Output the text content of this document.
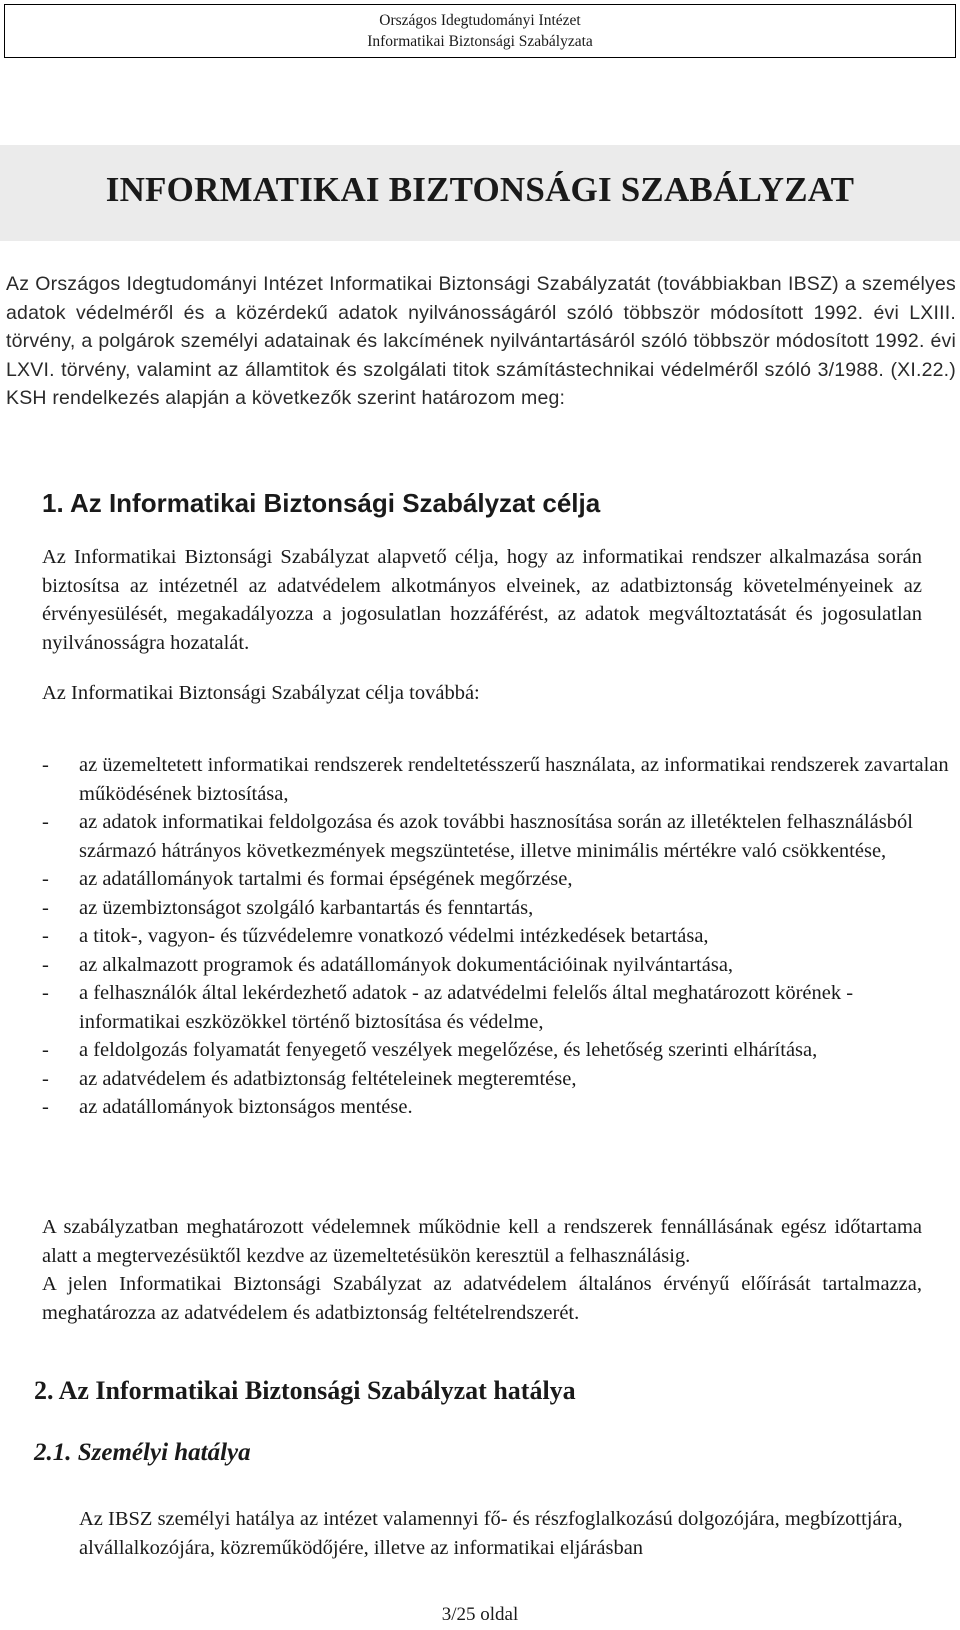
Országos Idegtudományi Intézet
Informatikai Biztonsági Szabályzata
INFORMATIKAI BIZTONSÁGI SZABÁLYZAT

Az Országos Idegtudományi Intézet Informatikai Biztonsági Szabályzatát (továbbiakban IBSZ) a személyes adatok védelméről és a közérdekű adatok nyilvánosságáról szóló többször módosított 1992. évi LXIII. törvény, a polgárok személyi adatainak és lakcímének nyilvántartásáról szóló többször módosított 1992. évi LXVI. törvény, valamint az államtitok és szolgálati titok számítástechnikai védelméről szóló 3/1988. (XI.22.) KSH rendelkezés alapján a következők szerint határozom meg:

1. Az Informatikai Biztonsági Szabályzat célja

Az Informatikai Biztonsági Szabályzat alapvető célja, hogy az informatikai rendszer alkalmazása során biztosítsa az intézetnél az adatvédelem alkotmányos elveinek, az adatbiztonság követelményeinek az érvényesülését, megakadályozza a jogosulatlan hozzáférést, az adatok megváltoztatását és jogosulatlan nyilvánosságra hozatalát.

Az Informatikai Biztonsági Szabályzat célja továbbá:

- az üzemeltetett informatikai rendszerek rendeltetésszerű használata, az informatikai rendszerek zavartalan működésének biztosítása,
- az adatok informatikai feldolgozása és azok további hasznosítása során az illetéktelen felhasználásból származó hátrányos következmények megszüntetése, illetve minimális mértékre való csökkentése,
- az adatállományok tartalmi és formai épségének megőrzése,
- az üzembiztonságot szolgáló karbantartás és fenntartás,
- a titok-, vagyon- és tűzvédelemre vonatkozó védelmi intézkedések betartása,
- az alkalmazott programok és adatállományok dokumentációinak nyilvántartása,
- a felhasználók által lekérdezhető adatok - az adatvédelmi felelős által meghatározott körének - informatikai eszközökkel történő biztosítása és védelme,
- a feldolgozás folyamatát fenyegető veszélyek megelőzése, és lehetőség szerinti elhárítása,
- az adatvédelem és adatbiztonság feltételeinek megteremtése,
- az adatállományok biztonságos mentése.

A szabályzatban meghatározott védelemnek működnie kell a rendszerek fennállásának egész időtartama alatt a megtervezésüktől kezdve az üzemeltetésükön keresztül a felhasználásig.

A jelen Informatikai Biztonsági Szabályzat az adatvédelem általános érvényű előírását tartalmazza, meghatározza az adatvédelem és adatbiztonság feltételrendszerét.

2. Az Informatikai Biztonsági Szabályzat hatálya
2.1. Személyi hatálya

Az IBSZ személyi hatálya az intézet valamennyi fő- és részfoglalkozású dolgozójára, megbízottjára, alvállalkozójára, közreműködőjére, illetve az informatikai eljárásban

3/25 oldal
